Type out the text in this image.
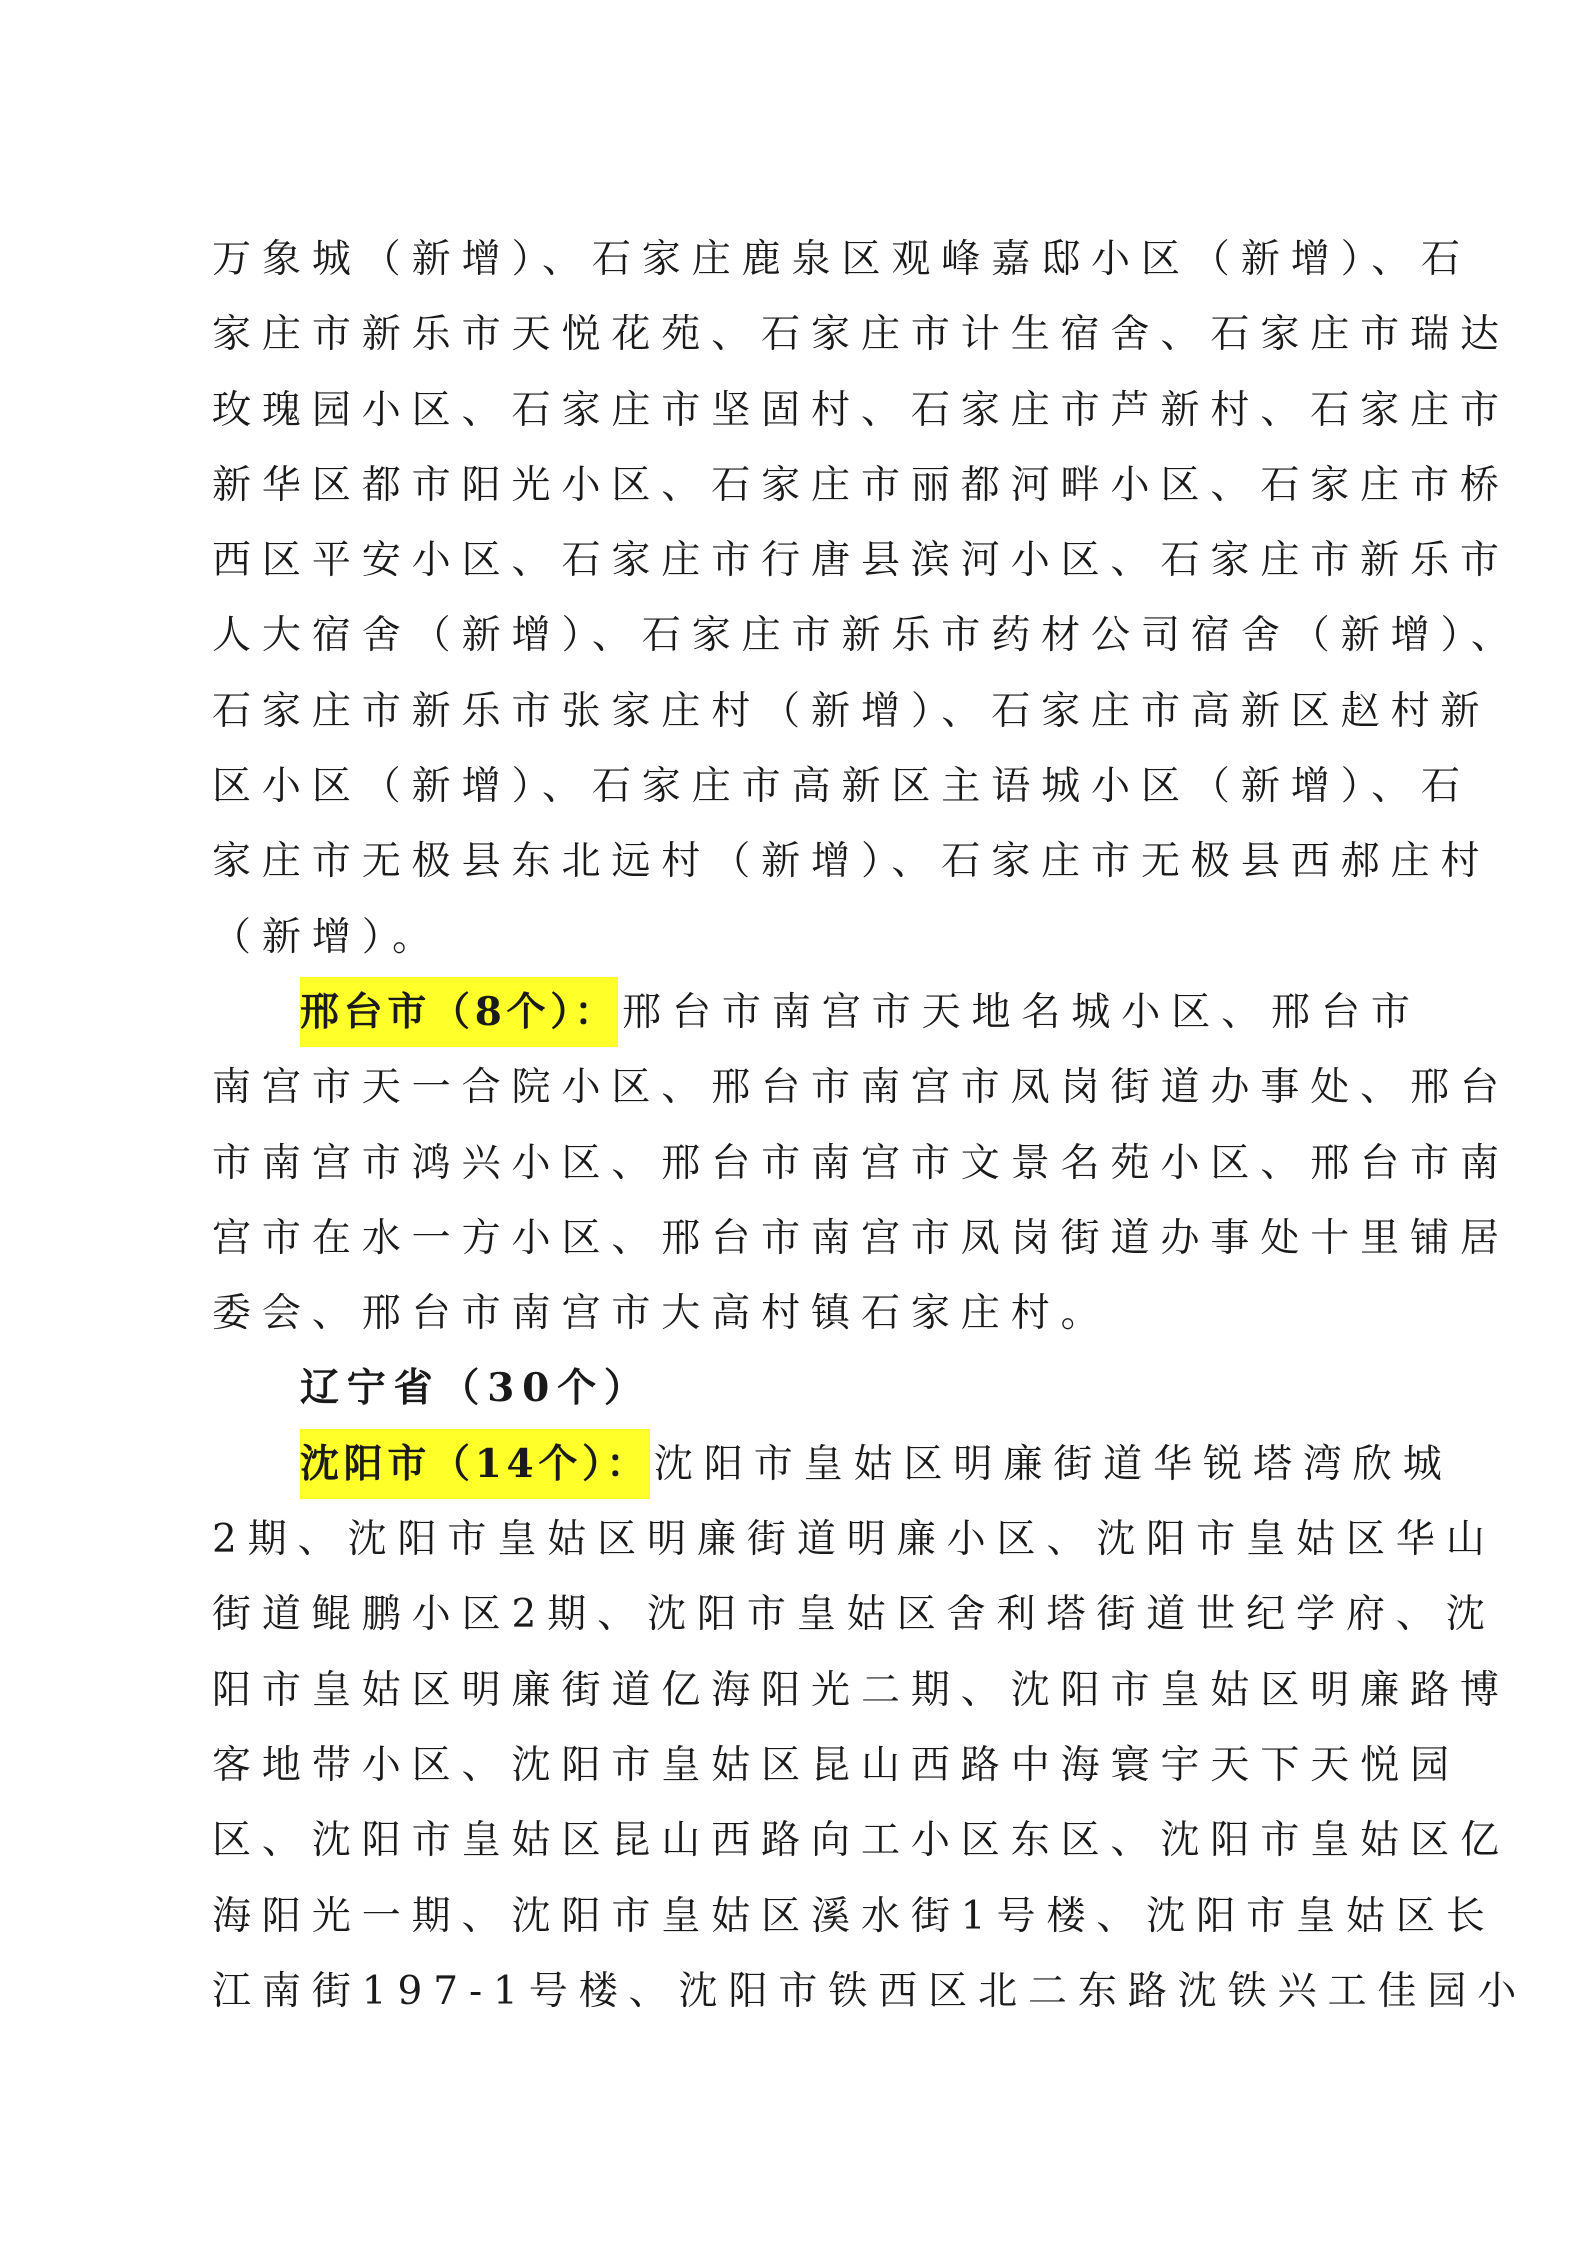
万象城（新增）、石家庄鹿泉区观峰嘉邸小区（新增）、石
家庄市新乐市天悦花苑、石家庄市计生宿舍、石家庄市瑞达
玫瑰园小区、石家庄市坚固村、石家庄市芦新村、石家庄市
新华区都市阳光小区、石家庄市丽都河畔小区、石家庄市桥
西区平安小区、石家庄市行唐县滨河小区、石家庄市新乐市
人大宿舍（新增）、石家庄市新乐市药材公司宿舍（新增）、
石家庄市新乐市张家庄村（新增）、石家庄市高新区赵村新
区小区（新增）、石家庄市高新区主语城小区（新增）、石
家庄市无极县东北远村（新增）、石家庄市无极县西郝庄村
（新增）。
邢台市（8个）： 邢台市南宫市天地名城小区、邢台市
南宫市天一合院小区、邢台市南宫市凤岗街道办事处、邢台
市南宫市鸿兴小区、邢台市南宫市文景名苑小区、邢台市南
宫市在水一方小区、邢台市南宫市凤岗街道办事处十里铺居
委会、邢台市南宫市大高村镇石家庄村。
辽宁省（30个）
沈阳市（14个）： 沈阳市皇姑区明廉街道华锐塔湾欣城
2期、沈阳市皇姑区明廉街道明廉小区、沈阳市皇姑区华山
街道鲲鹏小区2期、沈阳市皇姑区舍利塔街道世纪学府、沈
阳市皇姑区明廉街道亿海阳光二期、沈阳市皇姑区明廉路博
客地带小区、沈阳市皇姑区昆山西路中海寰宇天下天悦园
区、沈阳市皇姑区昆山西路向工小区东区、沈阳市皇姑区亿
海阳光一期、沈阳市皇姑区溪水街1号楼、沈阳市皇姑区长
江南街197-1号楼、沈阳市铁西区北二东路沈铁兴工佳园小
